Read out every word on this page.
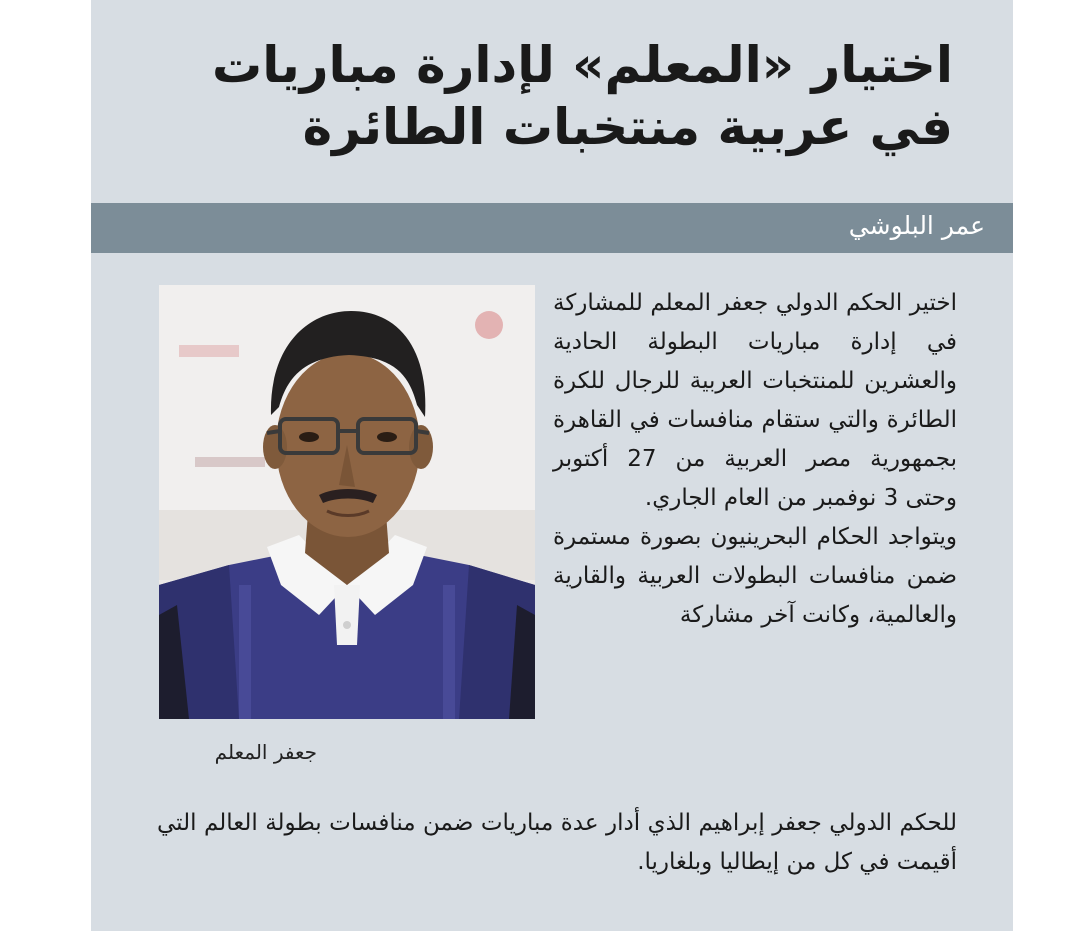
اختيار «المعلم» لإدارة مباريات
في عربية منتخبات الطائرة
عمر البلوشي
جعفر المعلم

اختير الحكم الدولي جعفر المعلم للمشاركة في إدارة مباريات البطولة الحادية والعشرين للمنتخبات العربية للرجال للكرة الطائرة والتي ستقام منافسات في القاهرة بجمهورية مصر العربية من 27 أكتوبر وحتى 3 نوفمبر من العام الجاري.

ويتواجد الحكام البحرينيون بصورة مستمرة ضمن منافسات البطولات العربية والقارية والعالمية، وكانت آخر مشاركة

للحكم الدولي جعفر إبراهيم الذي أدار عدة مباريات ضمن منافسات بطولة العالم التي أقيمت في كل من إيطاليا وبلغاريا.
